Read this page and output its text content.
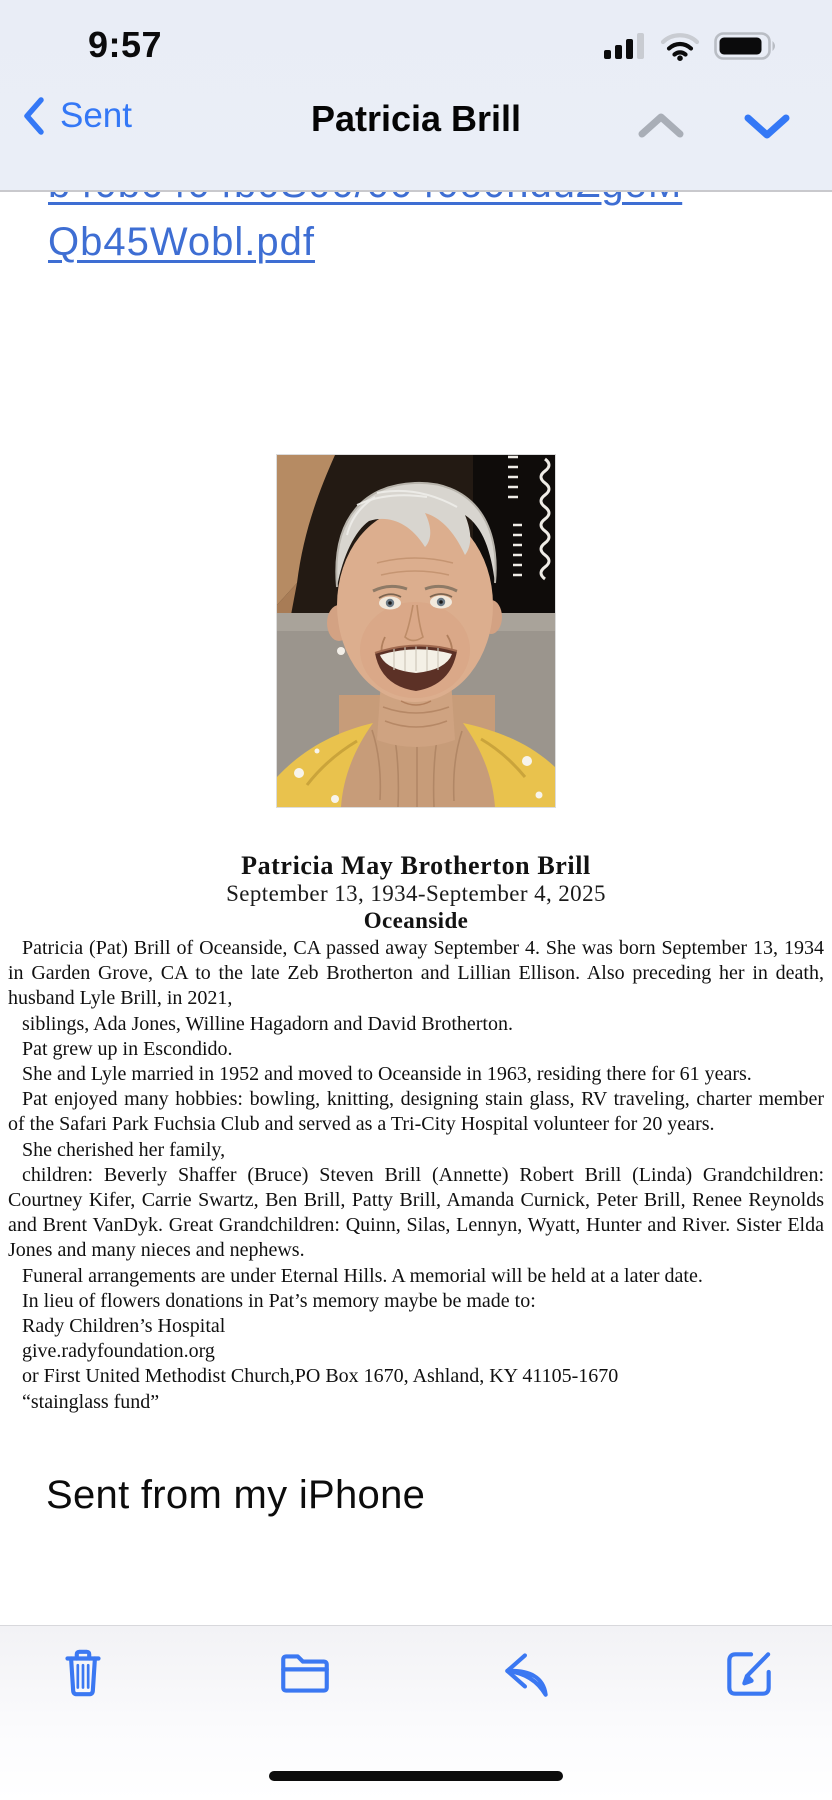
Qb45Wobl.pdf
Patricia May Brotherton Brill
September 13, 1934-September 4, 2025
Oceanside

Patricia (Pat) Brill of Oceanside, CA passed away September 4. She was born September 13, 1934 in Garden Grove, CA to the late Zeb Brotherton and Lillian Ellison. Also preceding her in death, husband Lyle Brill, in 2021,

siblings, Ada Jones, Willine Hagadorn and David Brotherton.

Pat grew up in Escondido.

She and Lyle married in 1952 and moved to Oceanside in 1963, residing there for 61 years.

Pat enjoyed many hobbies: bowling, knitting, designing stain glass, RV traveling, charter member of the Safari Park Fuchsia Club and served as a Tri-City Hospital volunteer for 20 years.

She cherished her family,

children: Beverly Shaffer (Bruce) Steven Brill (Annette) Robert Brill (Linda) Grandchildren: Courtney Kifer, Carrie Swartz, Ben Brill, Patty Brill, Amanda Curnick, Peter Brill, Renee Reynolds and Brent VanDyk. Great Grandchildren: Quinn, Silas, Lennyn, Wyatt, Hunter and River. Sister Elda Jones and many nieces and nephews.

Funeral arrangements are under Eternal Hills. A memorial will be held at a later date.

In lieu of flowers donations in Pat’s memory maybe be made to:

Rady Children’s Hospital

give.radyfoundation.org

or First United Methodist Church,PO Box 1670, Ashland, KY 41105-1670

“stainglass fund”

Sent from my iPhone
9:57
Sent	Patricia Brill
